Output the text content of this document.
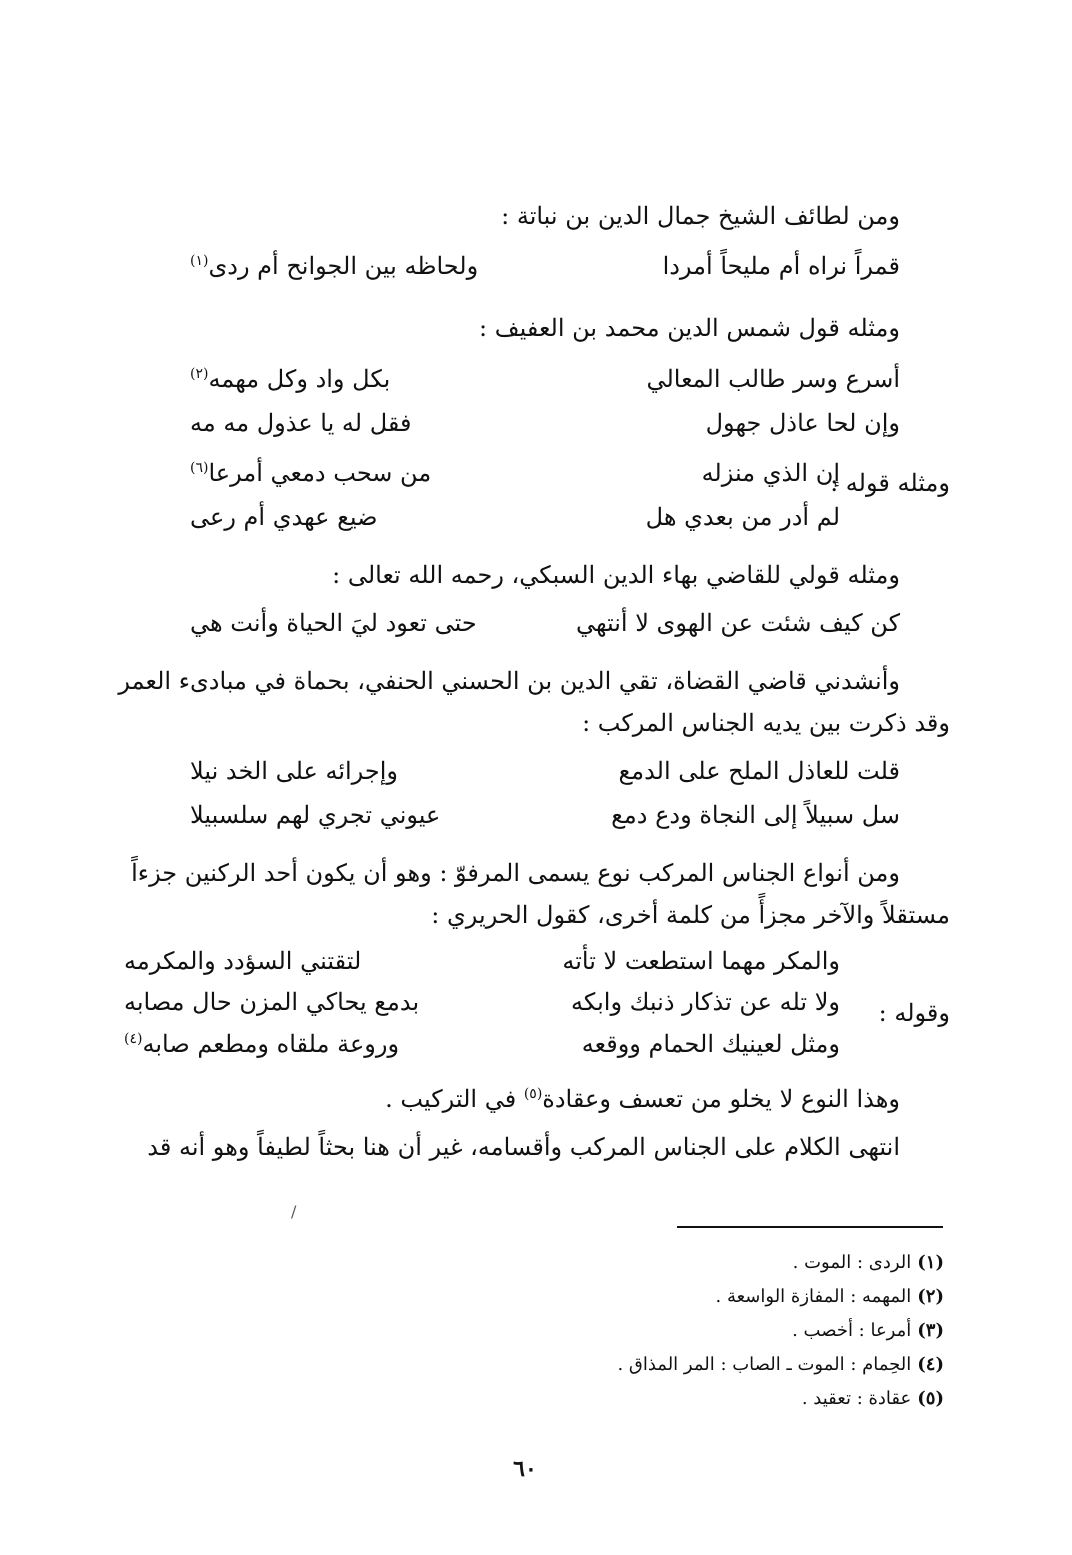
ومن لطائف الشيخ جمال الدين بن نباتة :
قمراً نراه أم مليحاً أمردا
ولحاظه بين الجوانح أم ردى$^{(١)}$
ومثله قول شمس الدين محمد بن العفيف :
أسرع وسر طالب المعالي
بكل واد وكل مهمه$^{(٢)}$
وإن لحا عاذل جهول
فقل له يا عذول مه مه
ومثله قوله :
إن الذي منزله
من سحب دمعي أمرعا$^{(٦)}$
لم أدر من بعدي هل
ضيع عهدي أم رعى
ومثله قولي للقاضي بهاء الدين السبكي، رحمه الله تعالى :
كن كيف شئت عن الهوى لا أنتهي
حتى تعود ليَ الحياة وأنت هي
وأنشدني قاضي القضاة، تقي الدين بن الحسني الحنفي، بحماة في مبادىء العمر
وقد ذكرت بين يديه الجناس المركب :
قلت للعاذل الملح على الدمع
وإجرائه على الخد نيلا
سل سبيلاً إلى النجاة ودع دمع
عيوني تجري لهم سلسبيلا
ومن أنواع الجناس المركب نوع يسمى المرفوّ : وهو أن يكون أحد الركنين جزءاً
مستقلاً والآخر مجزأً من كلمة أخرى، كقول الحريري :
والمكر مهما استطعت لا تأته
لتقتني السؤدد والمكرمه
وقوله :
ولا تله عن تذكار ذنبك وابكه
بدمع يحاكي المزن حال مصابه
ومثل لعينيك الحمام ووقعه
وروعة ملقاه ومطعم صابه$^{(٤)}$
وهذا النوع لا يخلو من تعسف وعقادة$^{(٥)}$ في التركيب .
انتهى الكلام على الجناس المركب وأقسامه، غير أن هنا بحثاً لطيفاً وهو أنه قد
/
(١)الردى : الموت .
(٢)المهمه : المفازة الواسعة .
(٣)أمرعا : أخصب .
(٤)الحِمام : الموت ـ الصاب : المر المذاق .
(٥)عقادة : تعقيد .
٦٠
